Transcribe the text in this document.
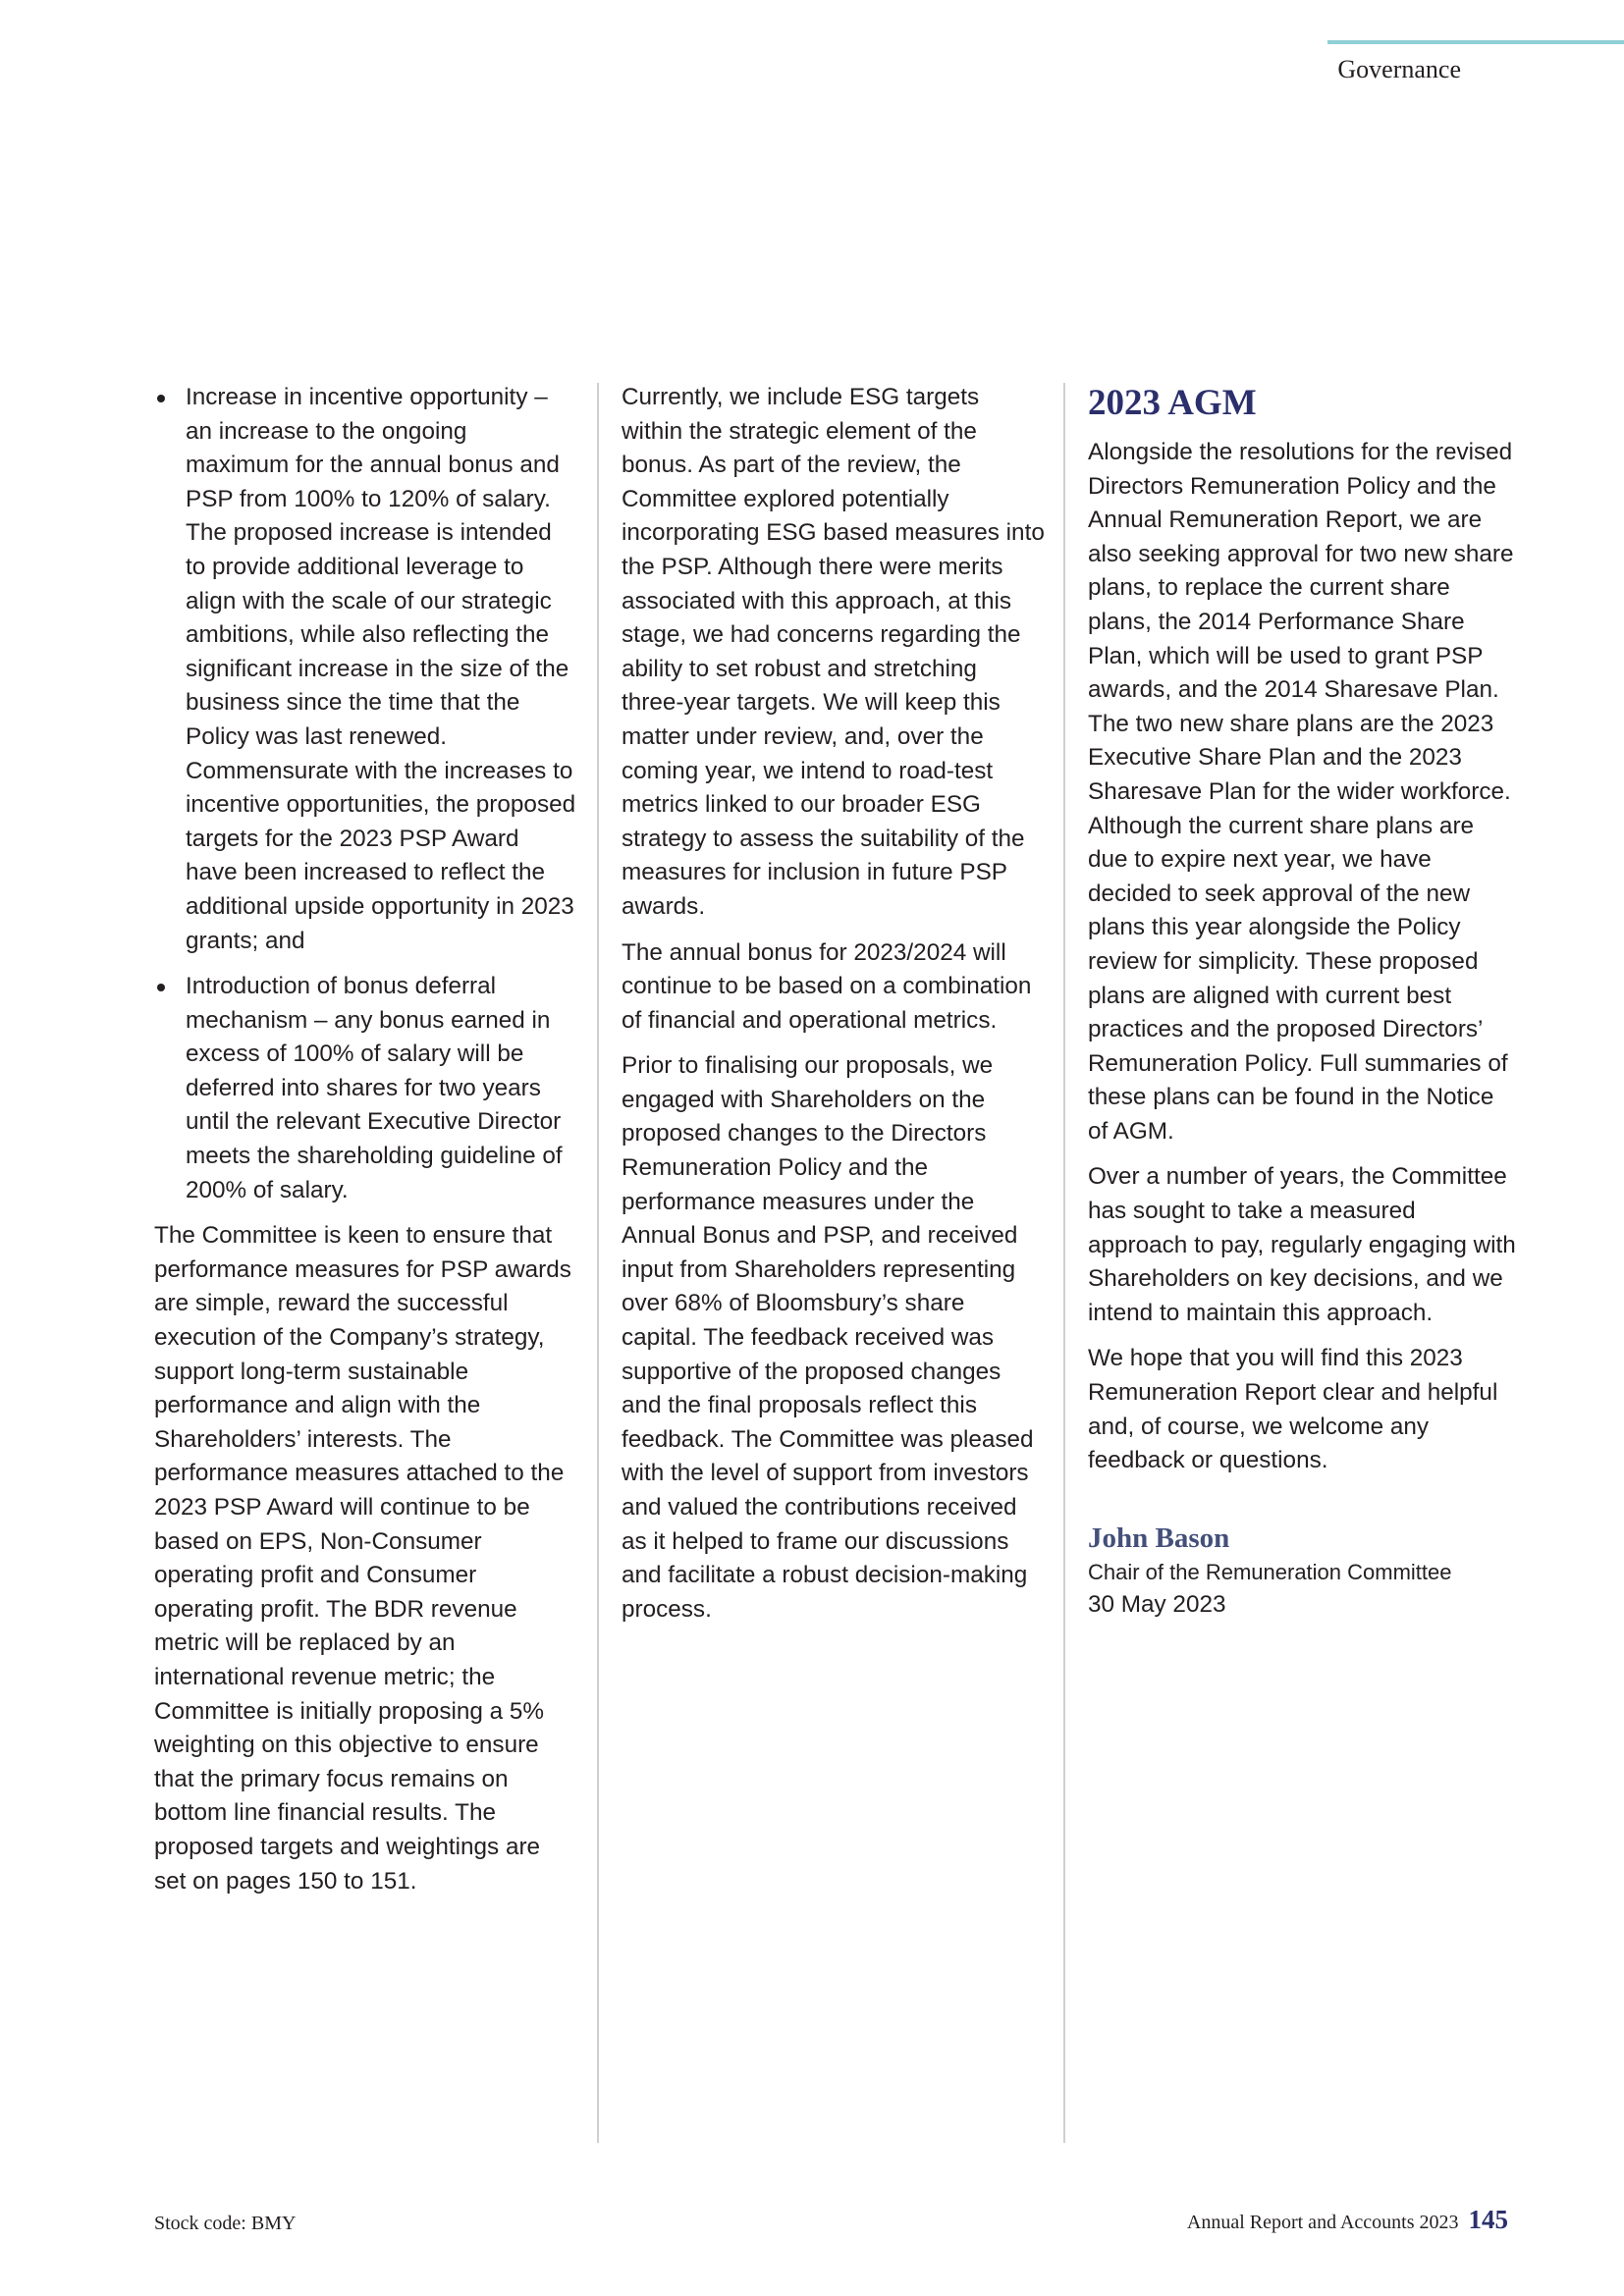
Governance
Increase in incentive opportunity – an increase to the ongoing maximum for the annual bonus and PSP from 100% to 120% of salary. The proposed increase is intended to provide additional leverage to align with the scale of our strategic ambitions, while also reflecting the significant increase in the size of the business since the time that the Policy was last renewed. Commensurate with the increases to incentive opportunities, the proposed targets for the 2023 PSP Award have been increased to reflect the additional upside opportunity in 2023 grants; and
Introduction of bonus deferral mechanism – any bonus earned in excess of 100% of salary will be deferred into shares for two years until the relevant Executive Director meets the shareholding guideline of 200% of salary.

The Committee is keen to ensure that performance measures for PSP awards are simple, reward the successful execution of the Company’s strategy, support long-term sustainable performance and align with the Shareholders’ interests. The performance measures attached to the 2023 PSP Award will continue to be based on EPS, Non-Consumer operating profit and Consumer operating profit. The BDR revenue metric will be replaced by an international revenue metric; the Committee is initially proposing a 5% weighting on this objective to ensure that the primary focus remains on bottom line financial results. The proposed targets and weightings are set on pages 150 to 151.

Currently, we include ESG targets within the strategic element of the bonus. As part of the review, the Committee explored potentially incorporating ESG based measures into the PSP. Although there were merits associated with this approach, at this stage, we had concerns regarding the ability to set robust and stretching three-year targets. We will keep this matter under review, and, over the coming year, we intend to road-test metrics linked to our broader ESG strategy to assess the suitability of the measures for inclusion in future PSP awards.

The annual bonus for 2023/2024 will continue to be based on a combination of financial and operational metrics.

Prior to finalising our proposals, we engaged with Shareholders on the proposed changes to the Directors Remuneration Policy and the performance measures under the Annual Bonus and PSP, and received input from Shareholders representing over 68% of Bloomsbury’s share capital. The feedback received was supportive of the proposed changes and the final proposals reflect this feedback. The Committee was pleased with the level of support from investors and valued the contributions received as it helped to frame our discussions and facilitate a robust decision-making process.

2023 AGM

Alongside the resolutions for the revised Directors Remuneration Policy and the Annual Remuneration Report, we are also seeking approval for two new share plans, to replace the current share plans, the 2014 Performance Share Plan, which will be used to grant PSP awards, and the 2014 Sharesave Plan. The two new share plans are the 2023 Executive Share Plan and the 2023 Sharesave Plan for the wider workforce. Although the current share plans are due to expire next year, we have decided to seek approval of the new plans this year alongside the Policy review for simplicity. These proposed plans are aligned with current best practices and the proposed Directors’ Remuneration Policy. Full summaries of these plans can be found in the Notice of AGM.

Over a number of years, the Committee has sought to take a measured approach to pay, regularly engaging with Shareholders on key decisions, and we intend to maintain this approach.

We hope that you will find this 2023 Remuneration Report clear and helpful and, of course, we welcome any feedback or questions.

John Bason
Chair of the Remuneration Committee
30 May 2023
Stock code: BMY	Annual Report and Accounts 2023 145
